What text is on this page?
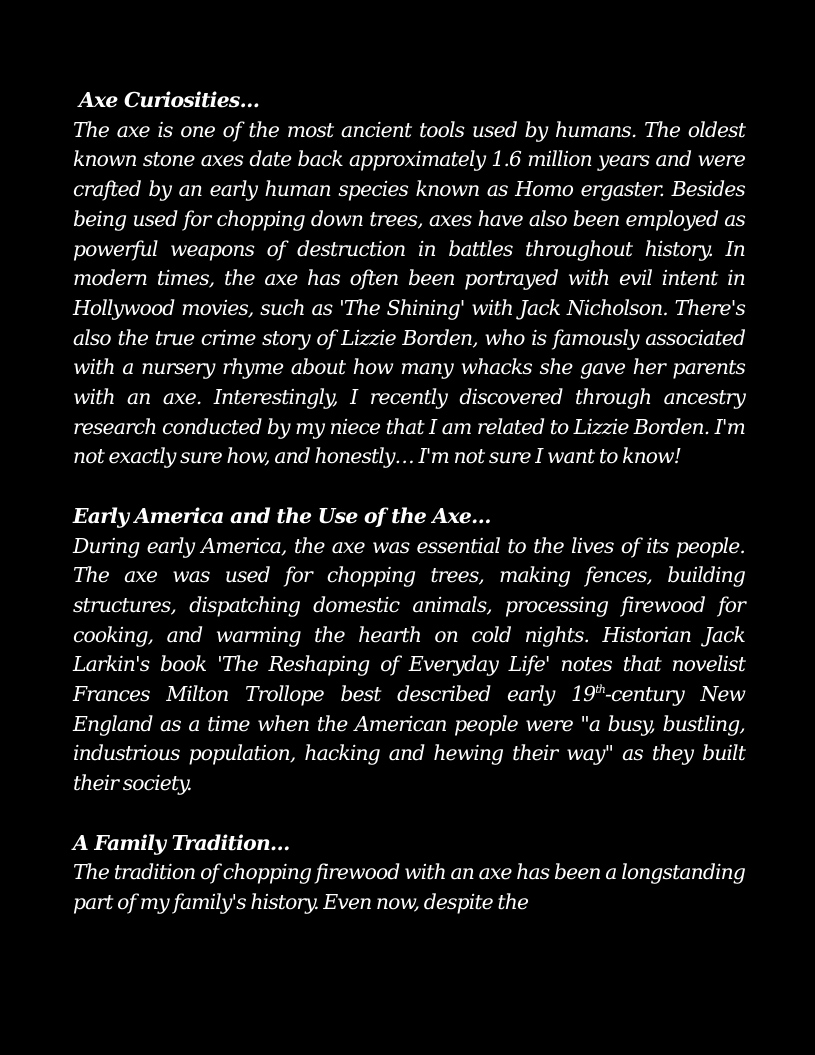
Axe Curiosities…
The axe is one of the most ancient tools used by humans. The oldest known stone axes date back approximately 1.6 million years and were crafted by an early human species known as Homo ergaster. Besides being used for chopping down trees, axes have also been employed as powerful weapons of destruction in battles throughout history. In modern times, the axe has often been portrayed with evil intent in Hollywood movies, such as 'The Shining' with Jack Nicholson. There's also the true crime story of Lizzie Borden, who is famously associated with a nursery rhyme about how many whacks she gave her parents with an axe. Interestingly, I recently discovered through ancestry research conducted by my niece that I am related to Lizzie Borden. I'm not exactly sure how, and honestly… I'm not sure I want to know!
Early America and the Use of the Axe…
During early America, the axe was essential to the lives of its people. The axe was used for chopping trees, making fences, building structures, dispatching domestic animals, processing firewood for cooking, and warming the hearth on cold nights. Historian Jack Larkin's book 'The Reshaping of Everyday Life' notes that novelist Frances Milton Trollope best described early 19th-century New England as a time when the American people were "a busy, bustling, industrious population, hacking and hewing their way" as they built their society.
A Family Tradition…
The tradition of chopping firewood with an axe has been a longstanding part of my family's history. Even now, despite the
